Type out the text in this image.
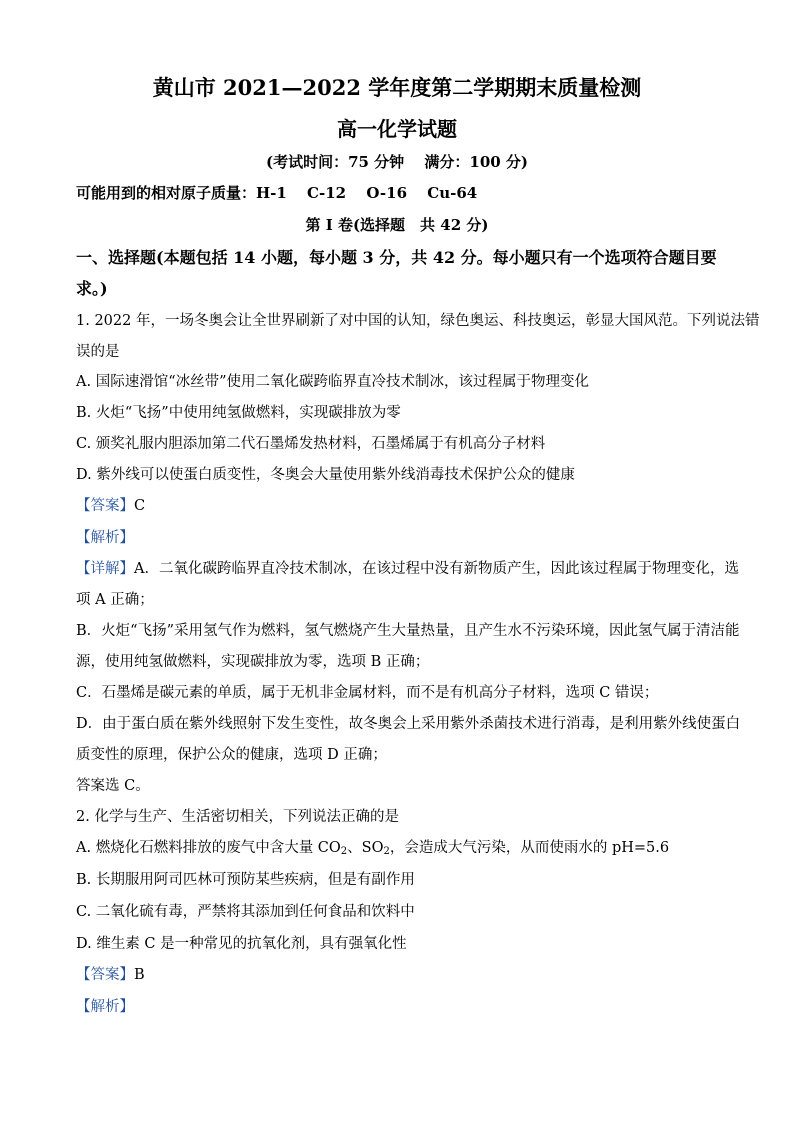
黄山市 2021—2022 学年度第二学期期末质量检测
高一化学试题
(考试时间：75 分钟　 满分：100 分)
可能用到的相对原子质量：H-1　 C-12　 O-16　 Cu-64
第 I 卷(选择题　共 42 分)
一、选择题(本题包括 14 小题，每小题 3 分，共 42 分。每小题只有一个选项符合题目要
求。)
1. 2022 年，一场冬奥会让全世界刷新了对中国的认知，绿色奥运、科技奥运，彰显大国风范。下列说法错
误的是
A. 国际速滑馆“冰丝带”使用二氧化碳跨临界直冷技术制冰，该过程属于物理变化
B. 火炬“飞扬”中使用纯氢做燃料，实现碳排放为零
C. 颁奖礼服内胆添加第二代石墨烯发热材料，石墨烯属于有机高分子材料
D. 紫外线可以使蛋白质变性，冬奥会大量使用紫外线消毒技术保护公众的健康
【答案】C
【解析】
【详解】A．二氧化碳跨临界直冷技术制冰，在该过程中没有新物质产生，因此该过程属于物理变化，选
项 A 正确；
B．火炬“飞扬”采用氢气作为燃料，氢气燃烧产生大量热量，且产生水不污染环境，因此氢气属于清洁能
源，使用纯氢做燃料，实现碳排放为零，选项 B 正确；
C．石墨烯是碳元素的单质，属于无机非金属材料，而不是有机高分子材料，选项 C 错误；
D．由于蛋白质在紫外线照射下发生变性，故冬奥会上采用紫外杀菌技术进行消毒，是利用紫外线使蛋白
质变性的原理，保护公众的健康，选项 D 正确；
答案选 C。
2. 化学与生产、生活密切相关，下列说法正确的是
A. 燃烧化石燃料排放的废气中含大量 $CO_2$、$SO_2$，会造成大气污染，从而使雨水的 pH=5.6
B. 长期服用阿司匹林可预防某些疾病，但是有副作用
C. 二氧化硫有毒，严禁将其添加到任何食品和饮料中
D. 维生素 C 是一种常见的抗氧化剂，具有强氧化性
【答案】B
【解析】
